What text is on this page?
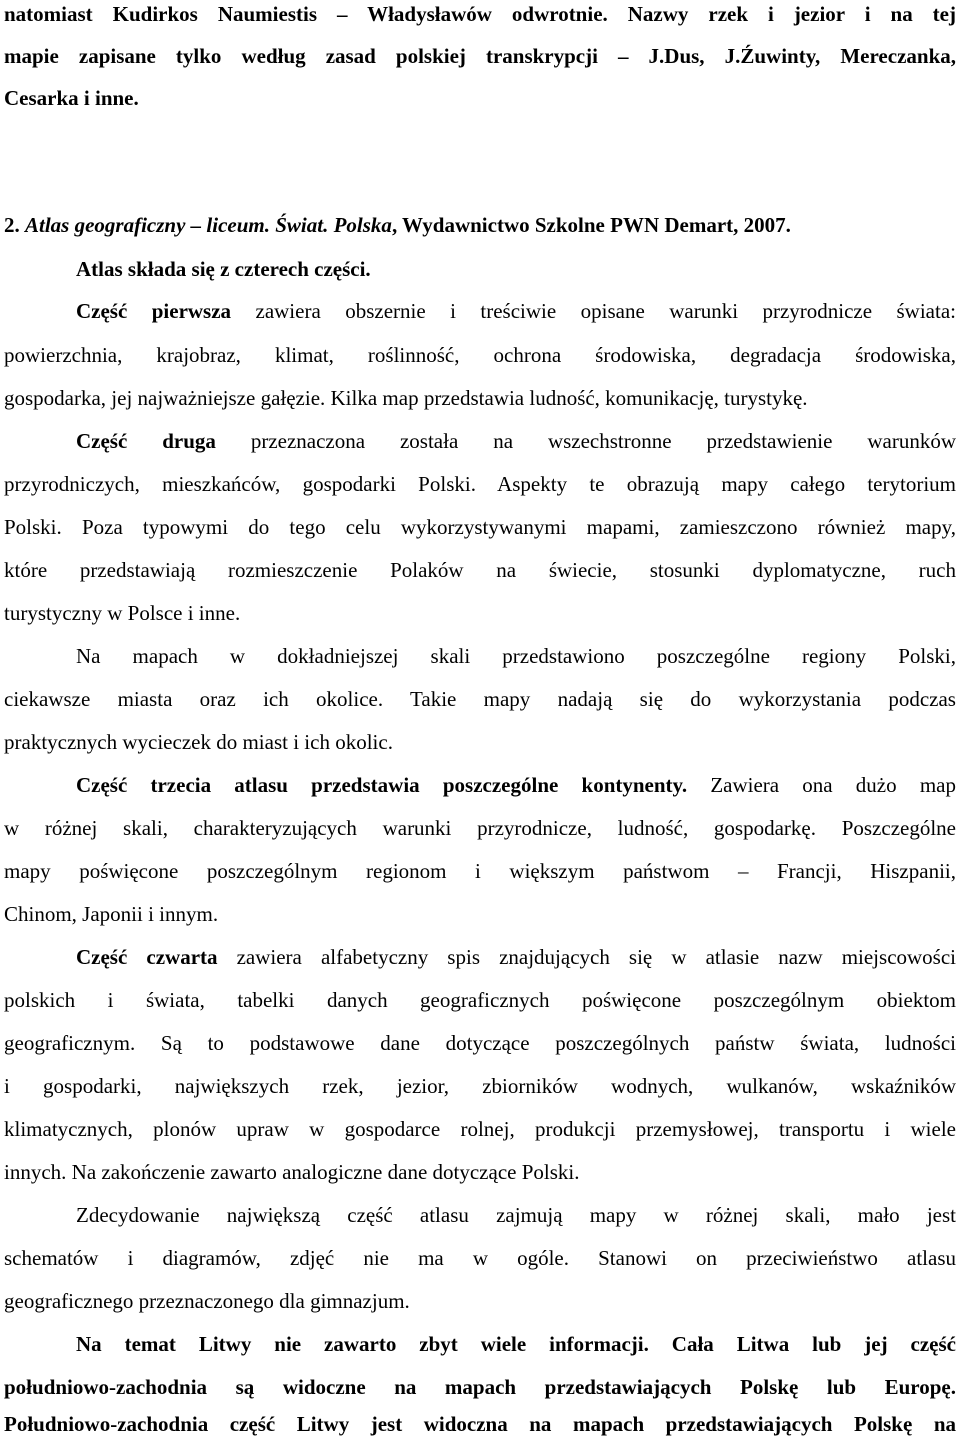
natomiast Kudirkos Naumiestis – Władysławów odwrotnie. Nazwy rzek i jezior i na tej
mapie zapisane tylko według zasad polskiej transkrypcji – J.Dus, J.Źuwinty, Mereczanka,
Cesarka i inne.
2. Atlas geograficzny – liceum. Świat. Polska, Wydawnictwo Szkolne PWN Demart, 2007.
Atlas składa się z czterech części.
Część pierwsza zawiera obszernie i treściwie opisane warunki przyrodnicze świata:
powierzchnia, krajobraz, klimat, roślinność, ochrona środowiska, degradacja środowiska,
gospodarka, jej najważniejsze gałęzie. Kilka map przedstawia ludność, komunikację, turystykę.
Część druga przeznaczona została na wszechstronne przedstawienie warunków
przyrodniczych, mieszkańców, gospodarki Polski. Aspekty te obrazują mapy całego terytorium
Polski. Poza typowymi do tego celu wykorzystywanymi mapami, zamieszczono również mapy,
które przedstawiają rozmieszczenie Polaków na świecie, stosunki dyplomatyczne, ruch
turystyczny w Polsce i inne.
Na mapach w dokładniejszej skali przedstawiono poszczególne regiony Polski,
ciekawsze miasta oraz ich okolice. Takie mapy nadają się do wykorzystania podczas
praktycznych wycieczek do miast i ich okolic.
Część trzecia atlasu przedstawia poszczególne kontynenty. Zawiera ona dużo map
w różnej skali, charakteryzujących warunki przyrodnicze, ludność, gospodarkę. Poszczególne
mapy poświęcone poszczególnym regionom i większym państwom – Francji, Hiszpanii,
Chinom, Japonii i innym.
Część czwarta zawiera alfabetyczny spis znajdujących się w atlasie nazw miejscowości
polskich i świata, tabelki danych geograficznych poświęcone poszczególnym obiektom
geograficznym. Są to podstawowe dane dotyczące poszczególnych państw świata, ludności
i gospodarki, największych rzek, jezior, zbiorników wodnych, wulkanów, wskaźników
klimatycznych, plonów upraw w gospodarce rolnej, produkcji przemysłowej, transportu i wiele
innych. Na zakończenie zawarto analogiczne dane dotyczące Polski.
Zdecydowanie największą część atlasu zajmują mapy w różnej skali, mało jest
schematów i diagramów, zdjęć nie ma w ogóle. Stanowi on przeciwieństwo atlasu
geograficznego przeznaczonego dla gimnazjum.
Na temat Litwy nie zawarto zbyt wiele informacji. Cała Litwa lub jej część
południowo-zachodnia są widoczne na mapach przedstawiających Polskę lub Europę.
Południowo-zachodnia część Litwy jest widoczna na mapach przedstawiających Polskę na
